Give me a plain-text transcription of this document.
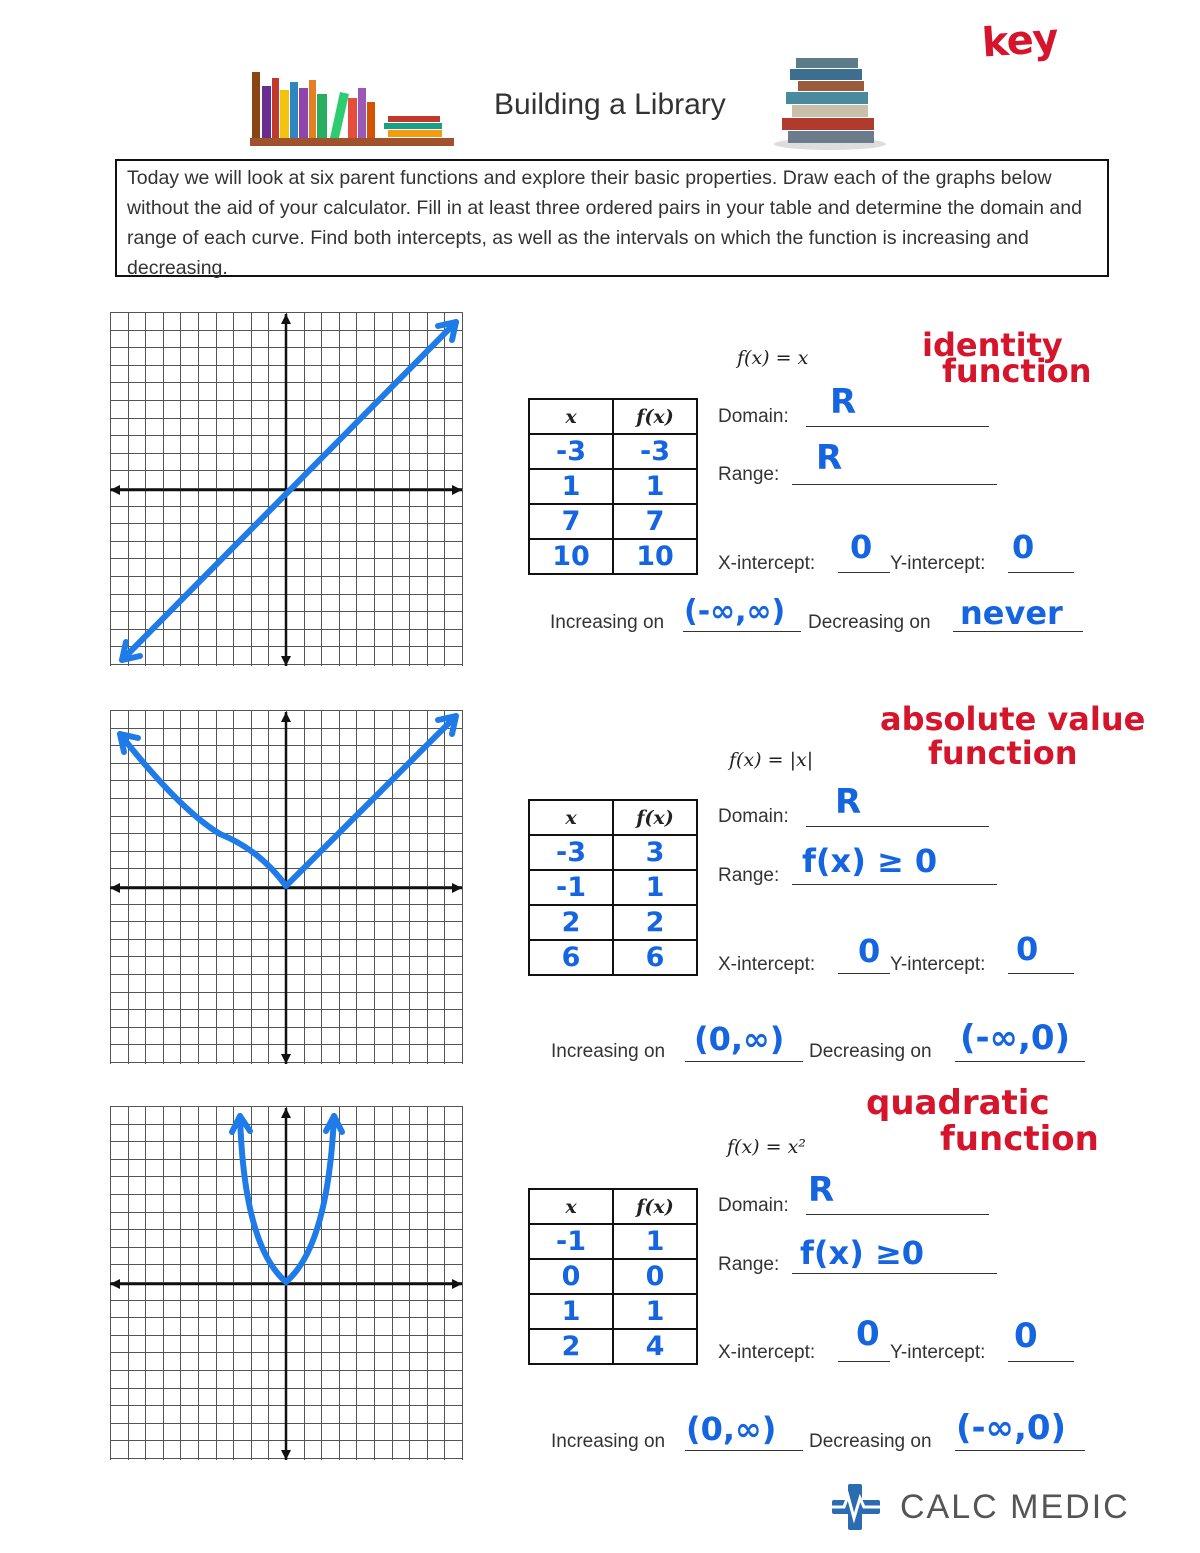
key
Building a Library
Today we will look at six parent functions and explore their basic properties. Draw each of the graphs below without the aid of your calculator. Fill in at least three ordered pairs in your table and determine the domain and range of each curve. Find both intercepts, as well as the intervals on which the function is increasing and decreasing.
f(x) = x	identity
function
x	f(x)
-3	-3
1	1
7	7
10	10
Domain: R
Range: R
X-intercept: 0 Y-intercept: 0
Increasing on (-∞,∞) Decreasing on never
f(x) = |x|
absolute value
function
x	f(x)
-3	3
-1	1
2	2
6	6
Domain: R
Range: f(x) ≥ 0
X-intercept: 0 Y-intercept: 0
Increasing on (0,∞) Decreasing on (-∞,0)
f(x) = x²
quadratic
function
x	f(x)
-1	1
0	0
1	1
2	4
Domain: R
Range: f(x) ≥0
X-intercept: 0 Y-intercept: 0
Increasing on (0,∞) Decreasing on (-∞,0)
CALC MEDIC
